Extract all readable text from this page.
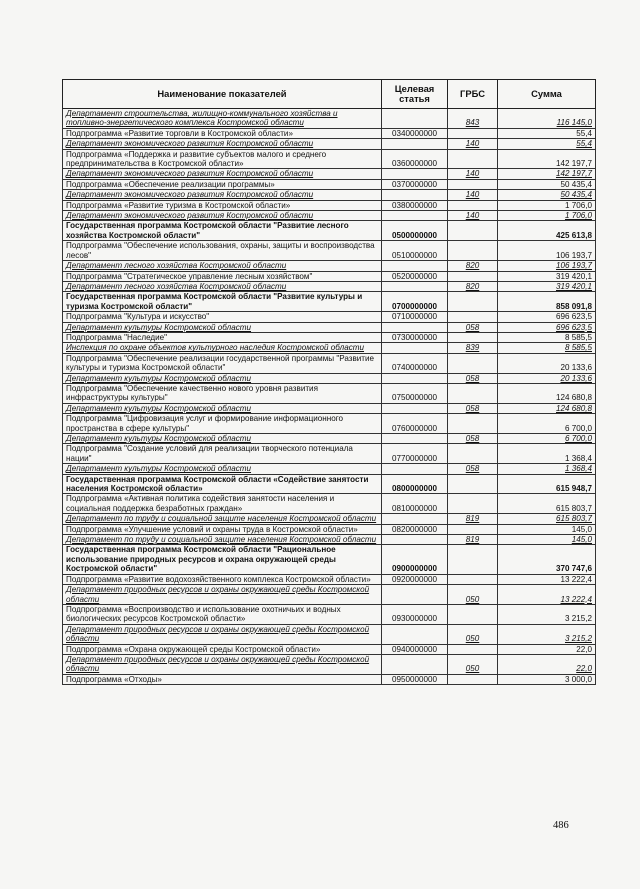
Наименование показателей	Целевая статья	ГРБС	Сумма
Департамент строительства, жилищно-коммунального хозяйства и топливно-энергетического комплекса Костромской области		843	116 145,0
Подпрограмма «Развитие торговли в Костромской области»	0340000000		55,4
Департамент экономического развития Костромской области		140	55,4
Подпрограмма «Поддержка и развитие субъектов малого и среднего предпринимательства в Костромской области»	0360000000		142 197,7
Департамент экономического развития Костромской области		140	142 197,7
Подпрограмма «Обеспечение реализации программы»	0370000000		50 435,4
Департамент экономического развития Костромской области		140	50 435,4
Подпрограмма «Развитие туризма в Костромской области»	0380000000		1 706,0
Департамент экономического развития Костромской области		140	1 706,0
Государственная программа Костромской области "Развитие лесного хозяйства Костромской области"	0500000000		425 613,8
Подпрограмма "Обеспечение использования, охраны, защиты и воспроизводства лесов"	0510000000		106 193,7
Департамент лесного хозяйства Костромской области		820	106 193,7
Подпрограмма "Стратегическое управление лесным хозяйством"	0520000000		319 420,1
Департамент лесного хозяйства Костромской области		820	319 420,1
Государственная программа Костромской области "Развитие культуры и туризма Костромской области"	0700000000		858 091,8
Подпрограмма "Культура и искусство"	0710000000		696 623,5
Департамент культуры Костромской области		058	696 623,5
Подпрограмма "Наследие"	0730000000		8 585,5
Инспекция по охране объектов культурного наследия Костромской области		839	8 585,5
Подпрограмма "Обеспечение реализации государственной программы "Развитие культуры и туризма Костромской области"	0740000000		20 133,6
Департамент культуры Костромской области		058	20 133,6
Подпрограмма "Обеспечение качественно нового уровня развития инфраструктуры культуры"	0750000000		124 680,8
Департамент культуры Костромской области		058	124 680,8
Подпрограмма "Цифровизация услуг и формирование информационного пространства в сфере культуры"	0760000000		6 700,0
Департамент культуры Костромской области		058	6 700,0
Подпрограмма "Создание условий для реализации творческого потенциала нации"	0770000000		1 368,4
Департамент культуры Костромской области		058	1 368,4
Государственная программа Костромской области «Содействие занятости населения Костромской области»	0800000000		615 948,7
Подпрограмма «Активная политика содействия занятости населения и социальная поддержка безработных граждан»	0810000000		615 803,7
Департамент по труду и социальной защите населения Костромской области		819	615 803,7
Подпрограмма «Улучшение условий и охраны труда в Костромской области»	0820000000		145,0
Департамент по труду и социальной защите населения Костромской области		819	145,0
Государственная программа Костромской области "Рациональное использование природных ресурсов и охрана окружающей среды Костромской области"	0900000000		370 747,6
Подпрограмма «Развитие водохозяйственного комплекса Костромской области»	0920000000		13 222,4
Департамент природных ресурсов и охраны окружающей среды Костромской области		050	13 222,4
Подпрограмма «Воспроизводство и использование охотничьих и водных биологических ресурсов Костромской области»	0930000000		3 215,2
Департамент природных ресурсов и охраны окружающей среды Костромской области		050	3 215,2
Подпрограмма «Охрана окружающей среды Костромской области»	0940000000		22,0
Департамент природных ресурсов и охраны окружающей среды Костромской области		050	22,0
Подпрограмма «Отходы»	0950000000		3 000,0
486
